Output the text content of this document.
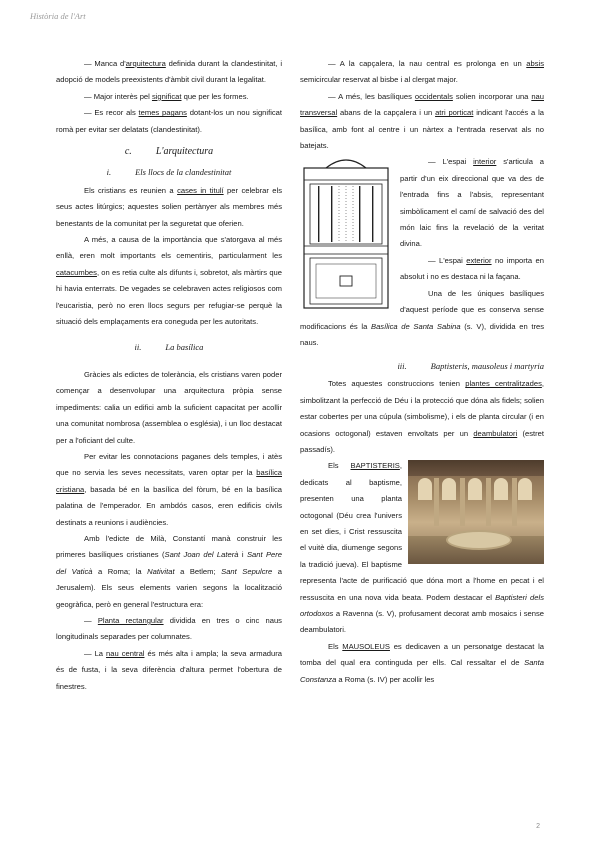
Història de l'Art

— Manca d'arquitectura definida durant la clandestinitat, i adopció de models preexistents d'àmbit civil durant la legalitat.

— Major interès pel significat que per les formes.

— Es recor als temes pagans dotant-los un nou significat romà per evitar ser delatats (clandestinitat).

c. L'arquitectura
i.	Els llocs de la clandestinitat

Els cristians es reunien a cases in titulí per celebrar els seus actes litúrgics; aquestes solien pertànyer als membres més benestants de la comunitat per la seguretat que oferien.

A més, a causa de la importància que s'atorgava al més enllà, eren molt importants els cementiris, particularment les catacumbes, on es retia culte als difunts i, sobretot, als màrtirs que hi havia enterrats. De vegades se celebraven actes religiosos com l'eucaristia, però no eren llocs segurs per refugiar-se perquè la situació dels emplaçaments era coneguda per les autoritats.

ii.	La basílica

Gràcies als edictes de tolerància, els cristians varen poder començar a desenvolupar una arquitectura pròpia sense impediments: calia un edifici amb la suficient capacitat per acollir una comunitat nombrosa (assemblea o església), i un lloc destacat per a l'oficiant del culte.

Per evitar les connotacions paganes dels temples, i atès que no servia les seves necessitats, varen optar per la basílica cristiana, basada bé en la basílica del fòrum, bé en la basílica palatina de l'emperador. En ambdós casos, eren edificis civils destinats a reunions i audiències.

Amb l'edicte de Milà, Constantí manà construir les primeres basíliques cristianes (Sant Joan del Laterà i Sant Pere del Vaticà a Roma; la Nativitat a Betlem; Sant Sepulcre a Jerusalem). Els seus elements varien segons la localització geogràfica, però en general l'estructura era:

— Planta rectangular dividida en tres o cinc naus longitudinals separades per columnates.

— La nau central és més alta i ampla; la seva armadura és de fusta, i la seva diferència d'altura permet l'obertura de finestres.

— A la capçalera, la nau central es prolonga en un absis semicircular reservat al bisbe i al clergat major.

— A més, les basíliques occidentals solien incorporar una nau transversal abans de la capçalera i un atri porticat indicant l'accés a la basílica, amb font al centre i un nàrtex a l'entrada reservat als no batejats.

— L'espai interior s'articula a partir d'un eix direccional que va des de l'entrada fins a l'absis, representant simbòlicament el camí de salvació des del món laic fins la revelació de la veritat divina.

— L'espai exterior no importa en absolut i no es destaca ni la façana.

Una de les úniques basíliques d'aquest període que es conserva sense modificacions és la Basílica de Santa Sabina (s. V), dividida en tres naus.

iii.	Baptisteris, mausoleus i martyria

Totes aquestes construccions tenien plantes centralitzades, simbolitzant la perfecció de Déu i la protecció que dóna als fidels; solien estar cobertes per una cúpula (simbolisme), i els de planta circular (i en ocasions octogonal) estaven envoltats per un deambulatori (estret passadís).

Els BAPTISTERIS, dedicats al baptisme, presenten una planta octogonal (Déu crea l'univers en set dies, i Crist ressuscita el vuitè dia, diumenge segons la tradició jueva). El baptisme representa l'acte de purificació que dóna mort a l'home en pecat i el ressuscita en una nova vida beata. Podem destacar el Baptisteri dels ortodoxos a Ravenna (s. V), profusament decorat amb mosaics i sense deambulatori.

Els MAUSOLEUS es dedicaven a un personatge destacat la tomba del qual era continguda per ells. Cal ressaltar el de Santa Constanza a Roma (s. IV) per acollir les

2
